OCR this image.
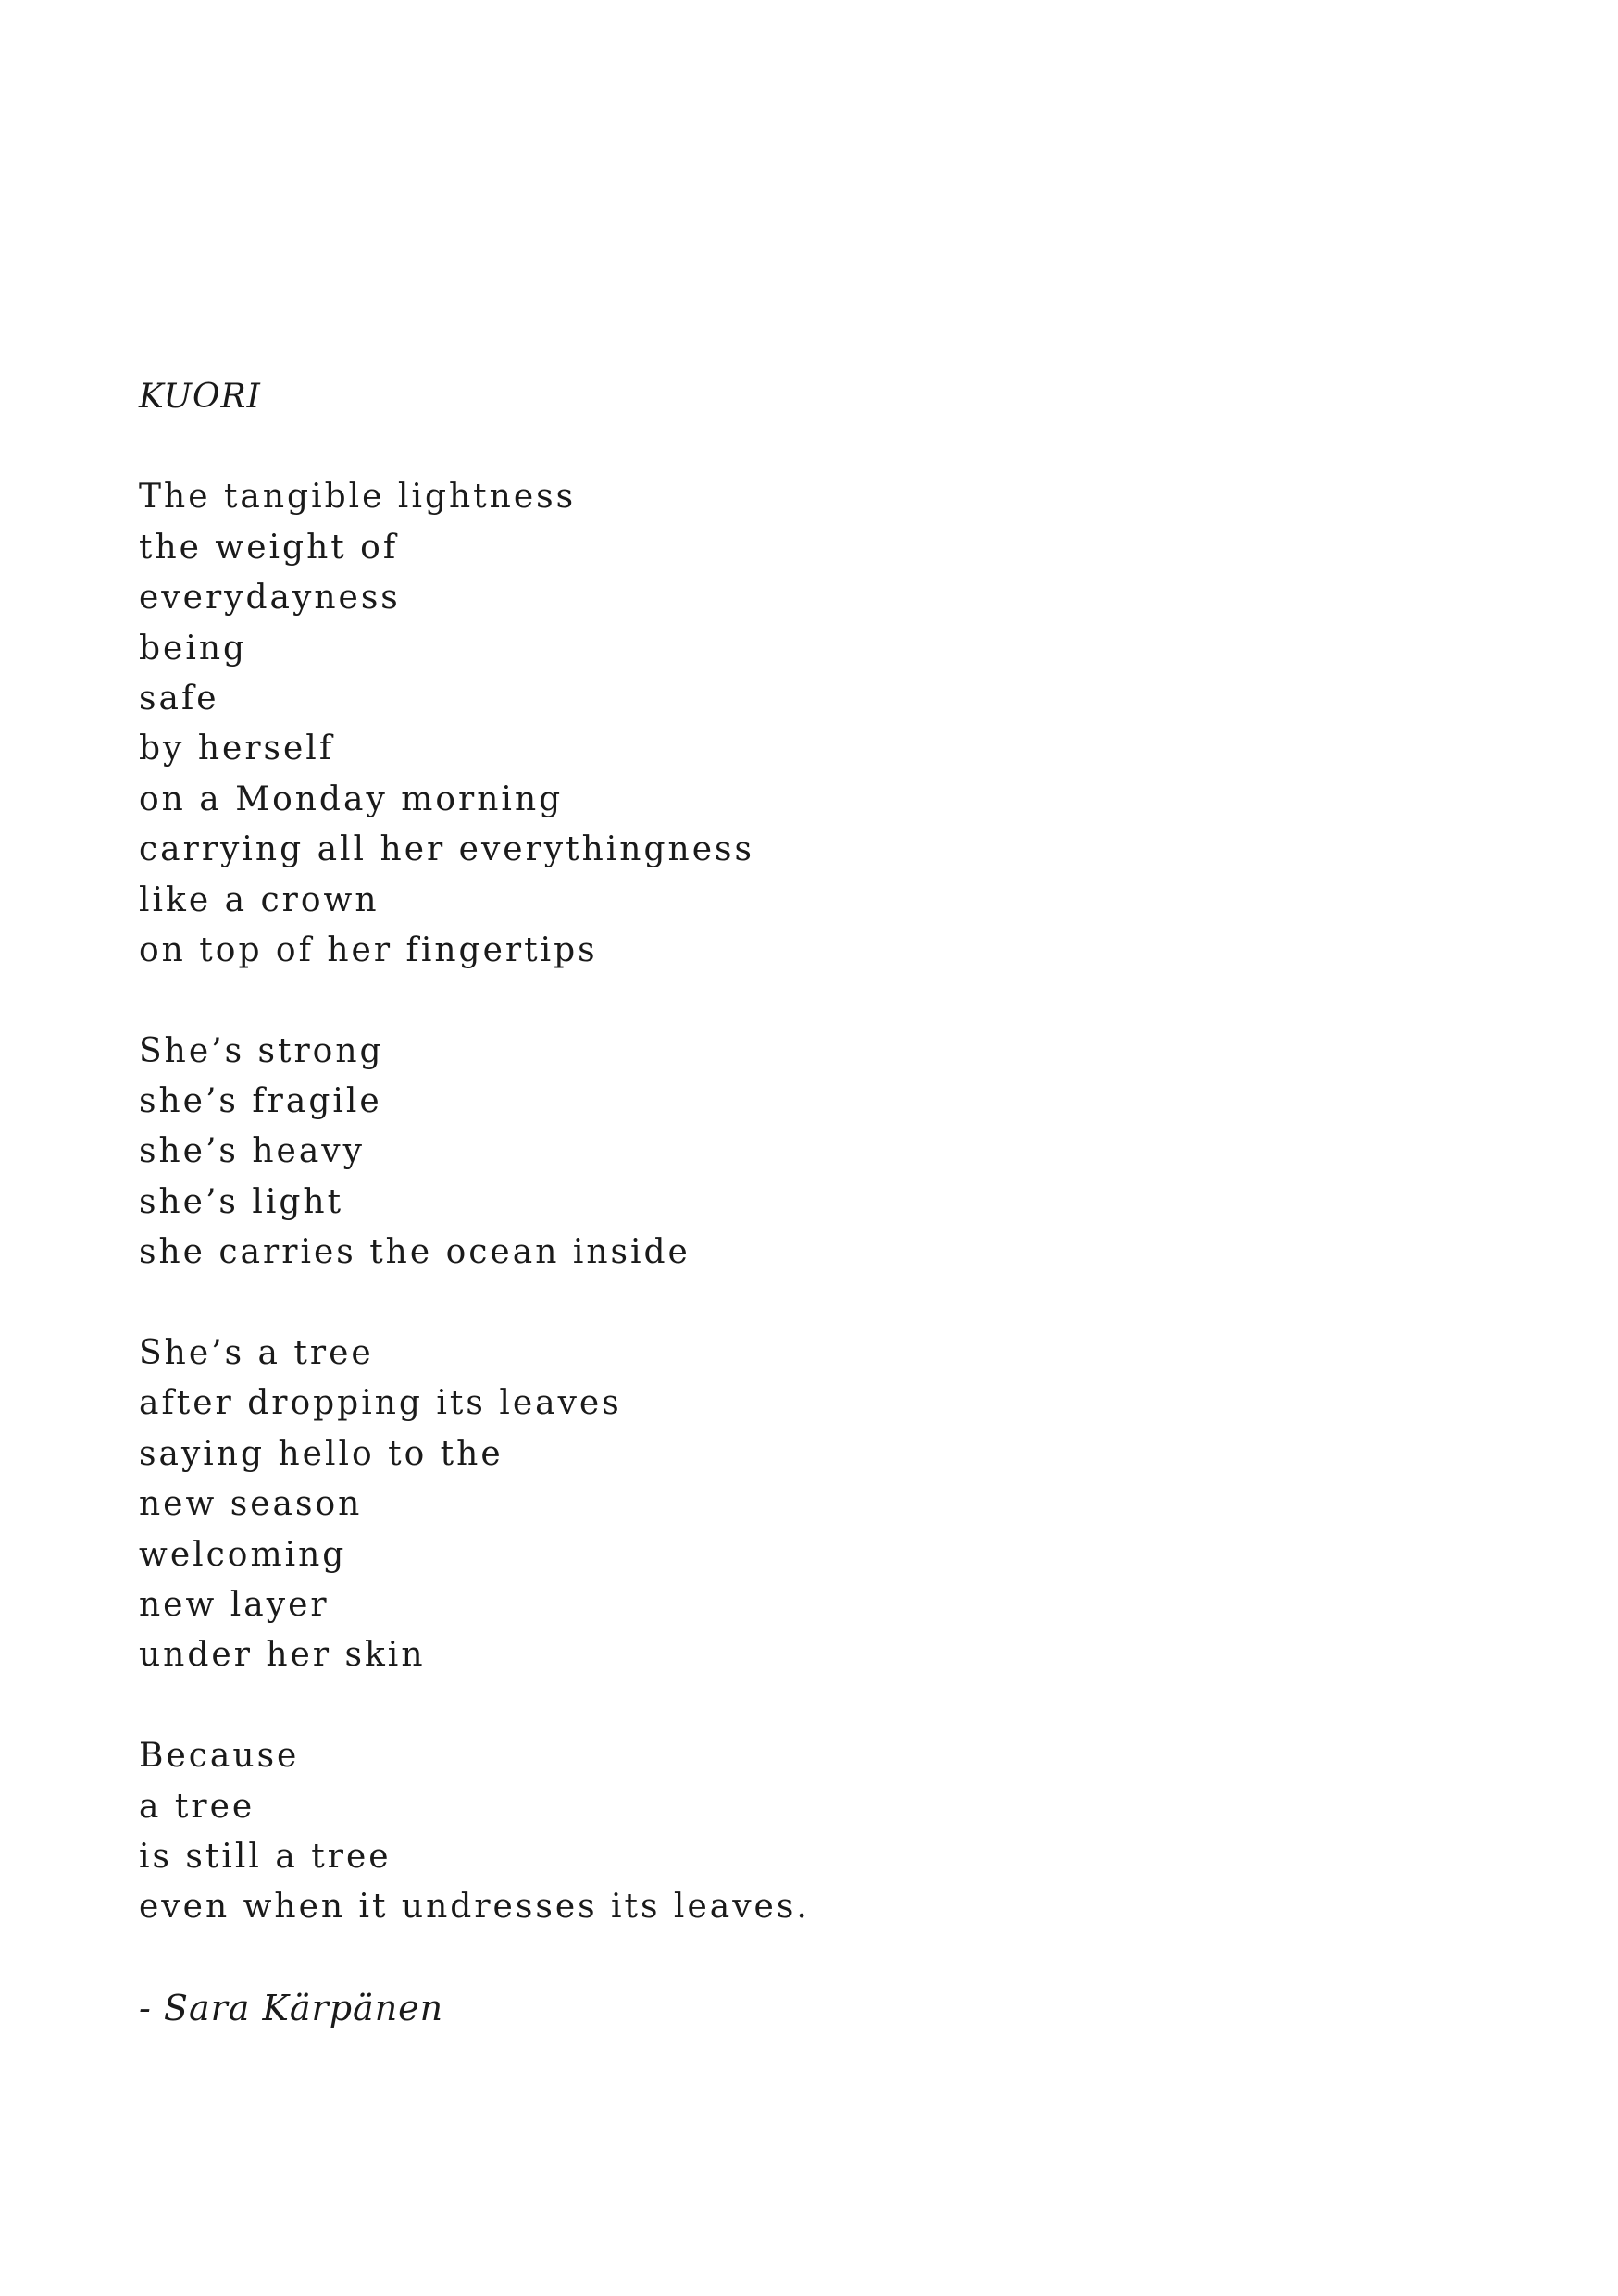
KUORI
The tangible lightness
the weight of
everydayness
being
safe
by herself
on a Monday morning
carrying all her everythingness
like a crown
on top of her fingertips
She’s strong
she’s fragile
she’s heavy
she’s light
she carries the ocean inside
She’s a tree
after dropping its leaves
saying hello to the
new season
welcoming
new layer
under her skin
Because
a tree
is still a tree
even when it undresses its leaves.
- Sara Kärpänen
